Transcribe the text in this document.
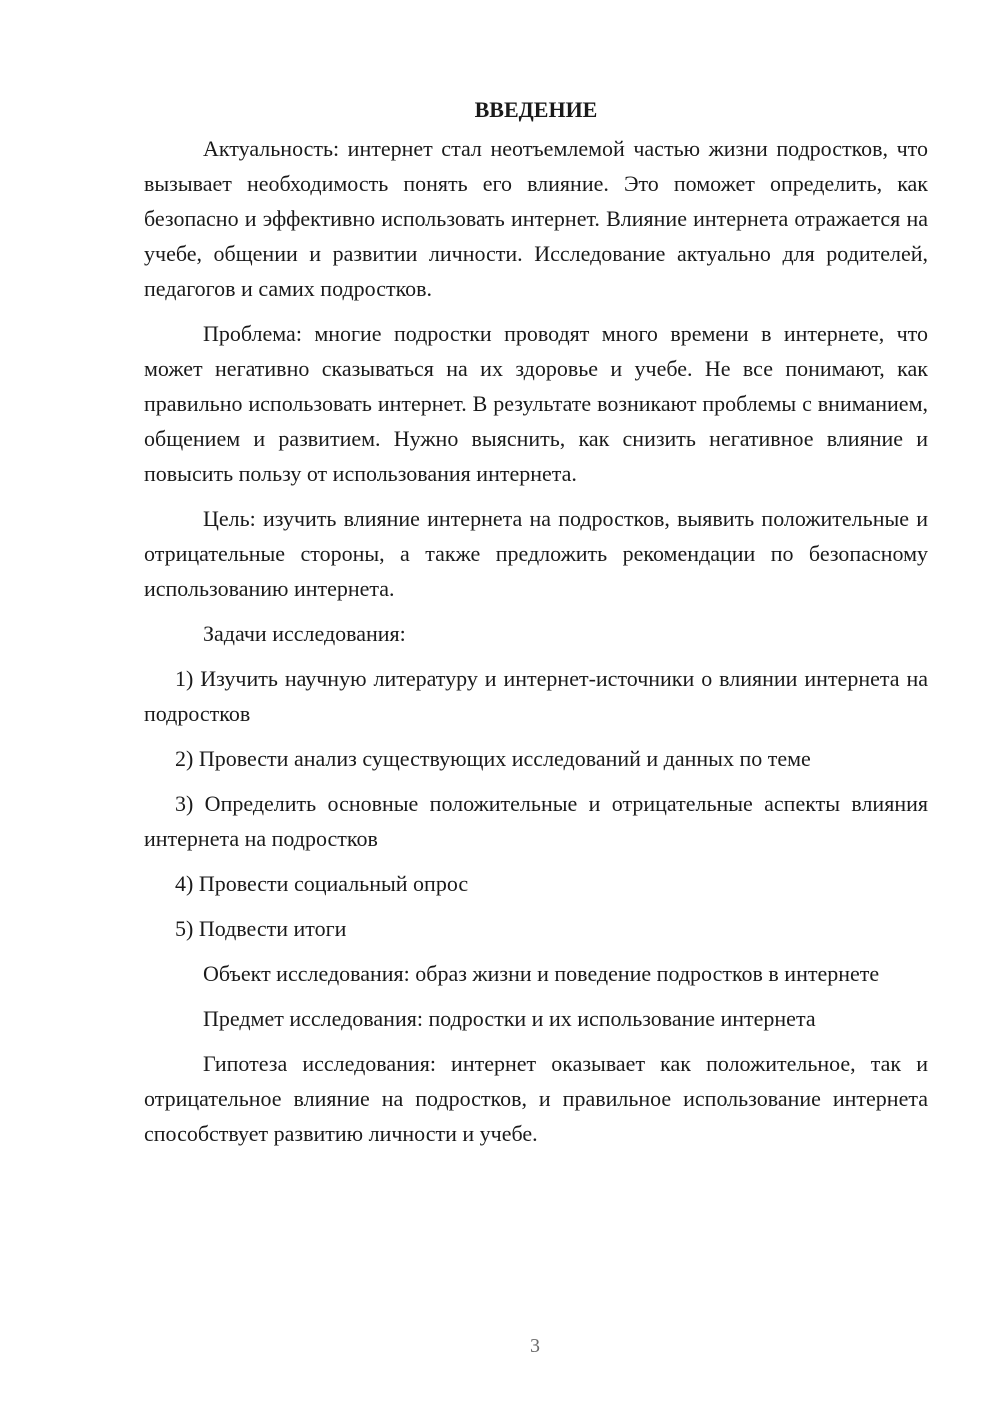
ВВЕДЕНИЕ

Актуальность: интернет стал неотъемлемой частью жизни подростков, что вызывает необходимость понять его влияние. Это поможет определить, как безопасно и эффективно использовать интернет. Влияние интернета отражается на учебе, общении и развитии личности. Исследование актуально для родителей, педагогов и самих подростков.

Проблема: многие подростки проводят много времени в интернете, что может негативно сказываться на их здоровье и учебе. Не все понимают, как правильно использовать интернет. В результате возникают проблемы с вниманием, общением и развитием. Нужно выяснить, как снизить негативное влияние и повысить пользу от использования интернета.

Цель: изучить влияние интернета на подростков, выявить положительные и отрицательные стороны, а также предложить рекомендации по безопасному использованию интернета.

Задачи исследования:

1) Изучить научную литературу и интернет-источники о влиянии интернета на подростков

2) Провести анализ существующих исследований и данных по теме

3) Определить основные положительные и отрицательные аспекты влияния интернета на подростков

4) Провести социальный опрос

5) Подвести итоги

Объект исследования: образ жизни и поведение подростков в интернете

Предмет исследования: подростки и их использование интернета

Гипотеза исследования: интернет оказывает как положительное, так и отрицательное влияние на подростков, и правильное использование интернета способствует развитию личности и учебе.

3
